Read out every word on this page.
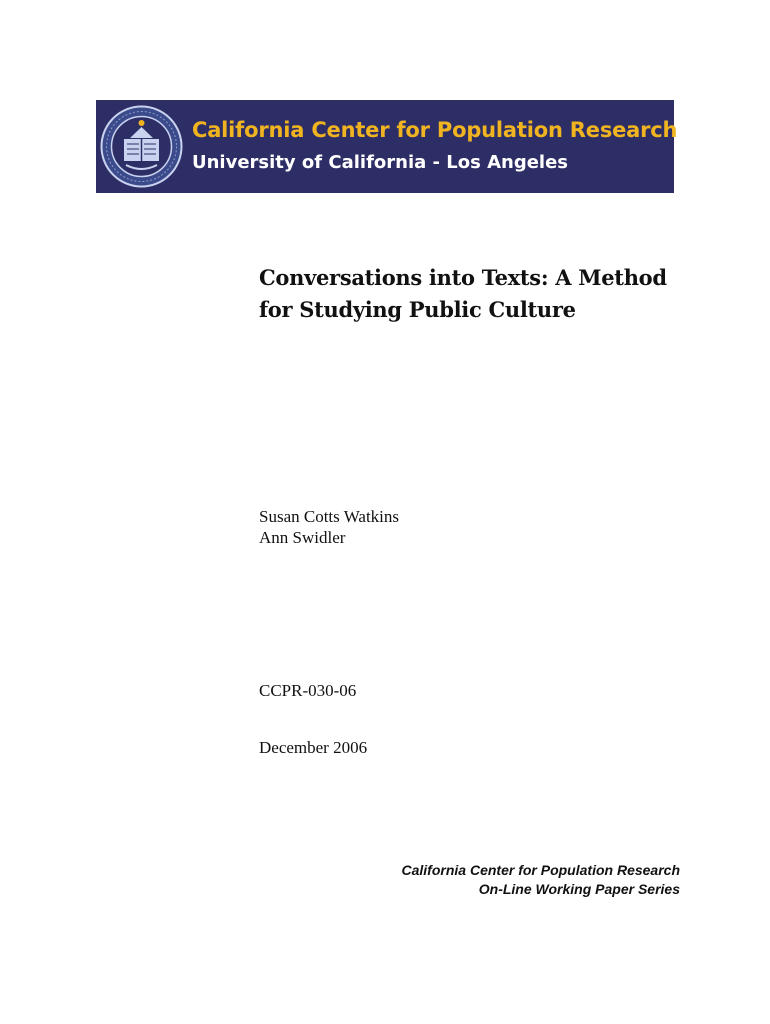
California Center for Population Research
University of California - Los Angeles
Conversations into Texts: A Method
for Studying Public Culture
Susan Cotts Watkins
Ann Swidler
CCPR-030-06
December 2006
California Center for Population Research
On-Line Working Paper Series
